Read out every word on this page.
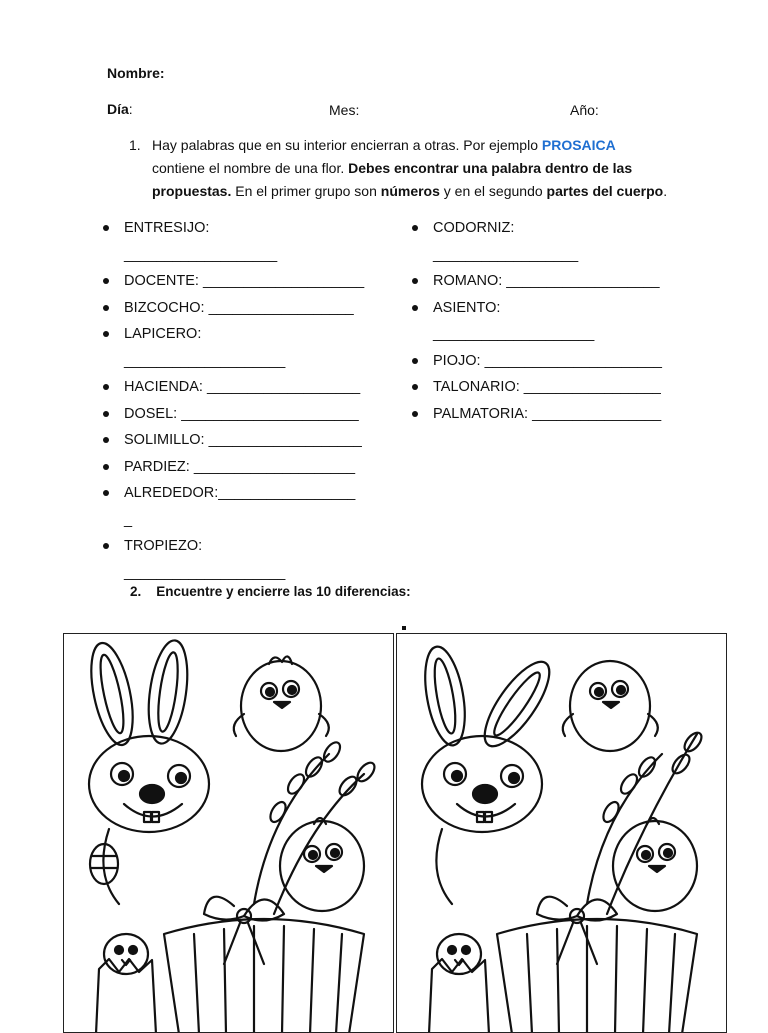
Nombre:
Día:	Mes:	Año:
1. Hay palabras que en su interior encierran a otras. Por ejemplo PROSAICA contiene el nombre de una flor. Debes encontrar una palabra dentro de las propuestas. En el primer grupo son números y en el segundo partes del cuerpo.
ENTRESIJO: ___________________
DOCENTE: ____________________
BIZCOCHO: __________________
LAPICERO: ____________________
HACIENDA: ___________________
DOSEL: ______________________
SOLIMILLO: ___________________
PARDIEZ: ____________________
ALREDEDOR:_________________ _
TROPIEZO: ____________________
CODORNIZ: __________________
ROMANO: ___________________
ASIENTO: ____________________
PIOJO: ______________________
TALONARIO: _________________
PALMATORIA: ________________
2. Encuentre y encierre las 10 diferencias:
